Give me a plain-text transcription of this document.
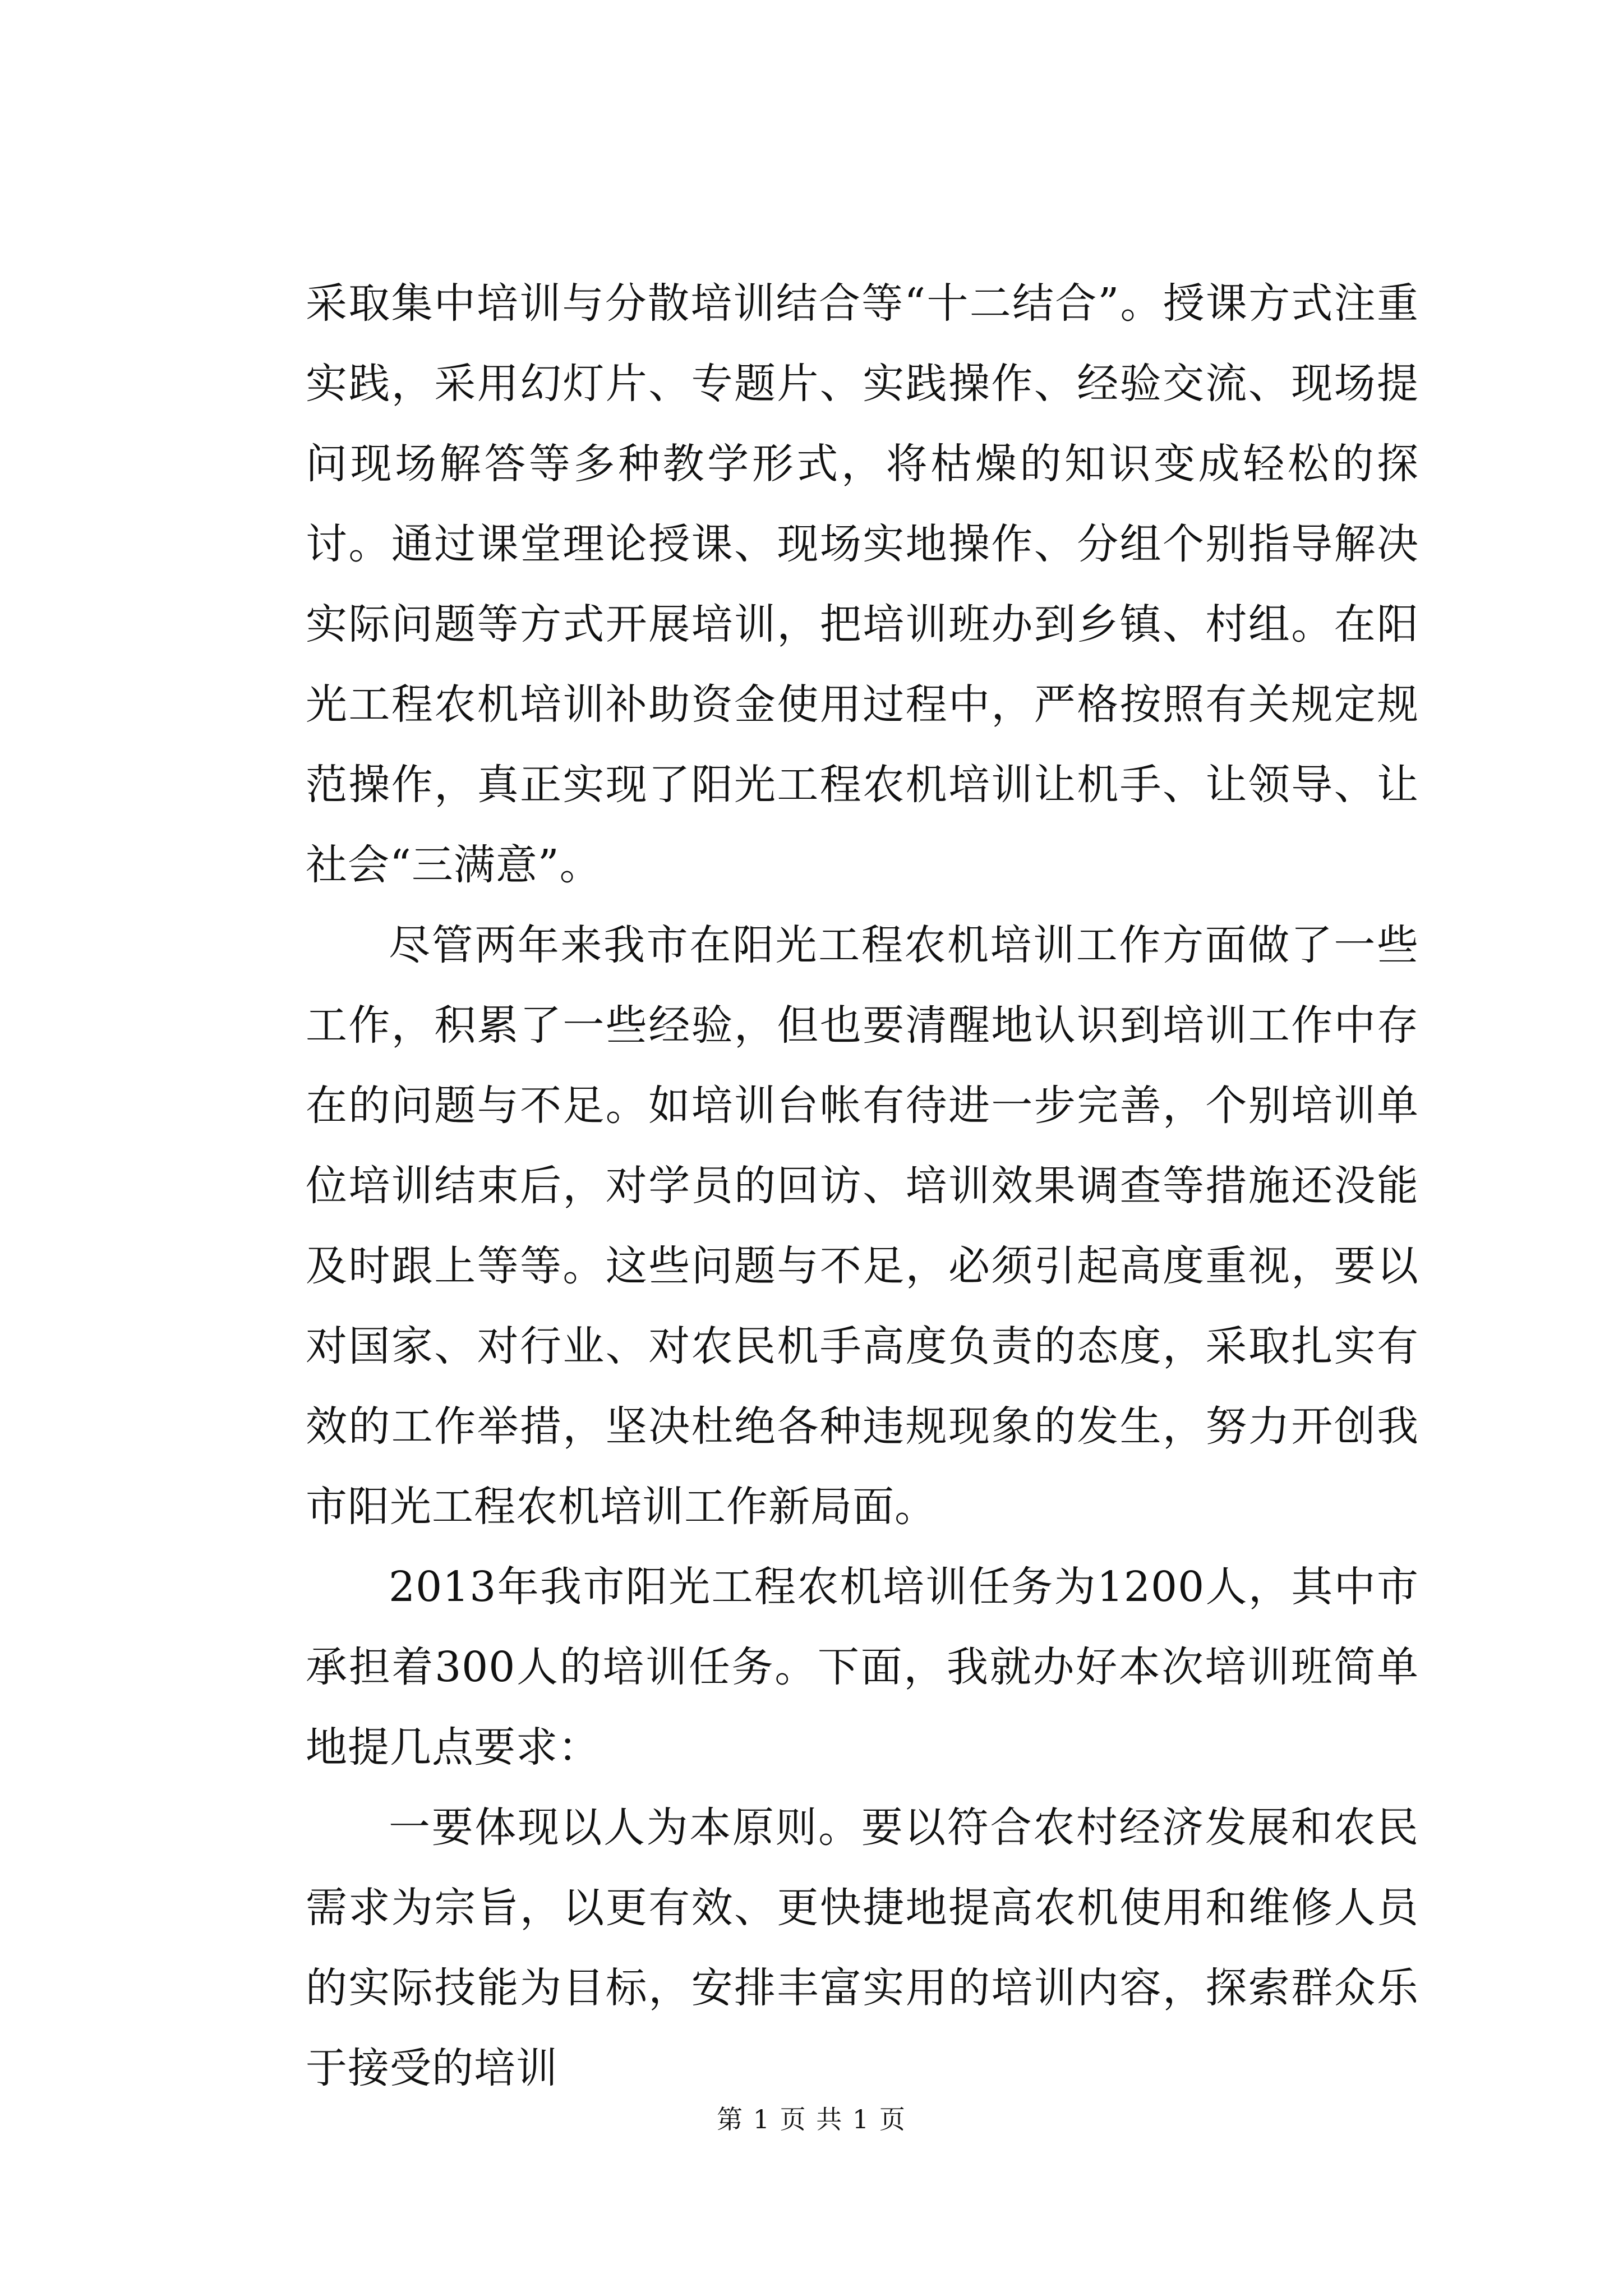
采取集中培训与分散培训结合等“十二结合”。授课方式注重实践，采用幻灯片、专题片、实践操作、经验交流、现场提问现场解答等多种教学形式，将枯燥的知识变成轻松的探讨。通过课堂理论授课、现场实地操作、分组个别指导解决实际问题等方式开展培训，把培训班办到乡镇、村组。在阳光工程农机培训补助资金使用过程中，严格按照有关规定规范操作，真正实现了阳光工程农机培训让机手、让领导、让社会“三满意”。

尽管两年来我市在阳光工程农机培训工作方面做了一些工作，积累了一些经验，但也要清醒地认识到培训工作中存在的问题与不足。如培训台帐有待进一步完善，个别培训单位培训结束后，对学员的回访、培训效果调查等措施还没能及时跟上等等。这些问题与不足，必须引起高度重视，要以对国家、对行业、对农民机手高度负责的态度，采取扎实有效的工作举措，坚决杜绝各种违规现象的发生，努力开创我市阳光工程农机培训工作新局面。

2013年我市阳光工程农机培训任务为1200人，其中市承担着300人的培训任务。下面，我就办好本次培训班简单地提几点要求：

一要体现以人为本原则。要以符合农村经济发展和农民需求为宗旨，以更有效、更快捷地提高农机使用和维修人员的实际技能为目标，安排丰富实用的培训内容，探索群众乐于接受的培训

第 1 页 共 1 页
